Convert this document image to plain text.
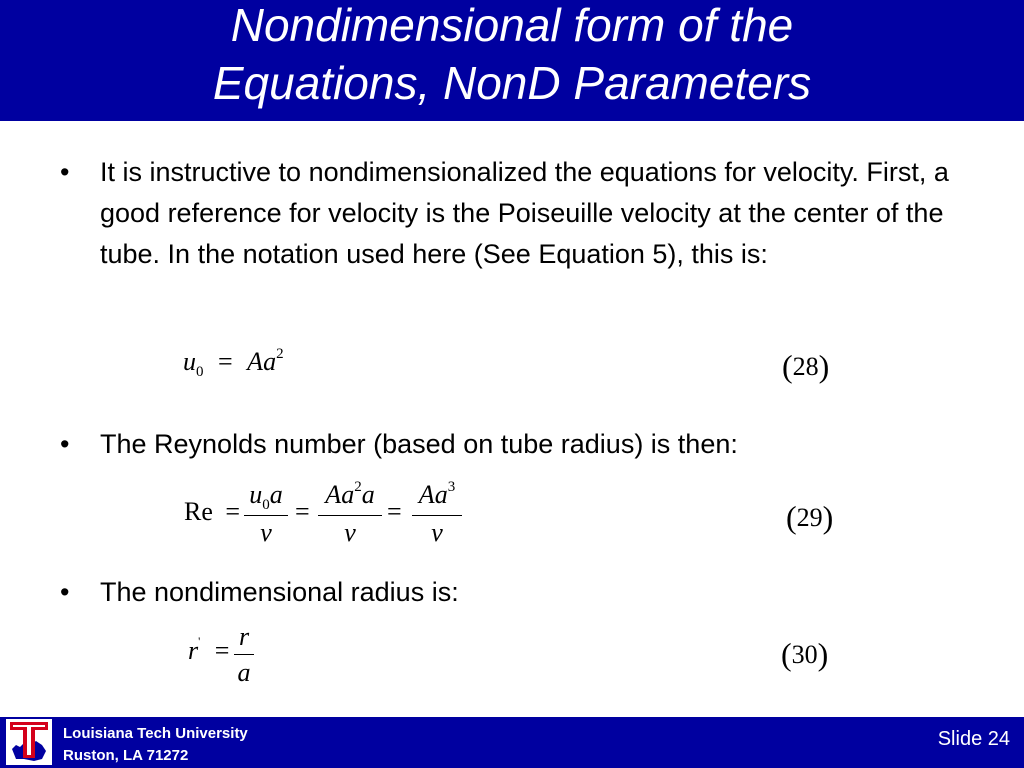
Nondimensional form of the
Equations, NonD Parameters
• It is instructive to nondimensionalized the equations for velocity. First, a good reference for velocity is the Poiseuille velocity at the center of the tube. In the notation used here (See Equation 5), this is:
$u_0 = Aa^2$	(28)
• The Reynolds number (based on tube radius) is then:
Re =
$u_0a$
ν
=
$Aa^2a$
ν
=
$Aa^3$
ν	(29)
• The nondimensional radius is:
r' = r
a
(30)
Louisiana Tech University
Ruston, LA 71272
Slide 24
